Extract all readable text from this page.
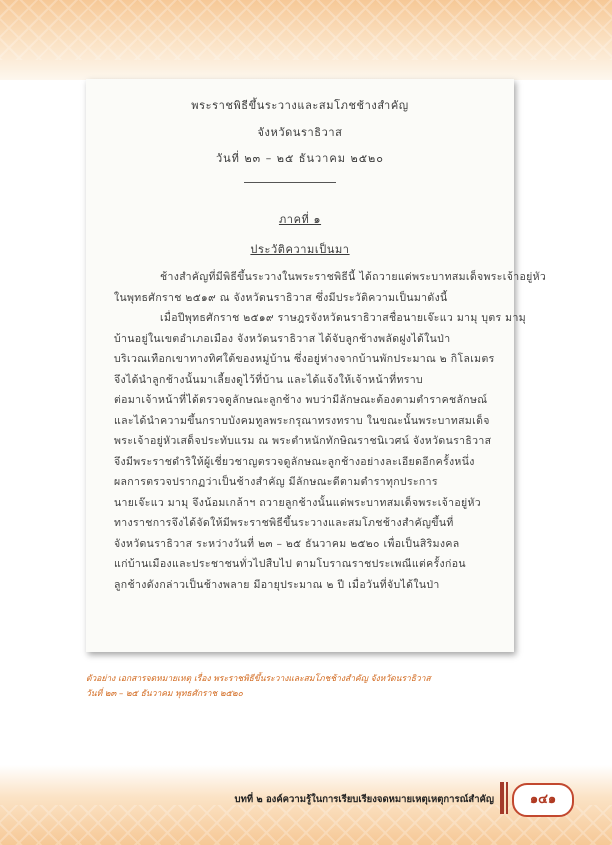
พระราชพิธีขึ้นระวางและสมโภชช้างสำคัญ
จังหวัดนราธิวาส
วันที่ ๒๓ – ๒๕ ธันวาคม ๒๕๒๐
ภาคที่ ๑
ประวัติความเป็นมา
ช้างสำคัญที่มีพิธีขึ้นระวางในพระราชพิธีนี้ ได้ถวายแด่พระบาทสมเด็จพระเจ้าอยู่หัว
ในพุทธศักราช ๒๕๑๙ ณ จังหวัดนราธิวาส ซึ่งมีประวัติความเป็นมาดังนี้
เมื่อปีพุทธศักราช ๒๕๑๙ ราษฎรจังหวัดนราธิวาสชื่อนายเจ๊ะแว มามุ บุตร มามุ
บ้านอยู่ในเขตอำเภอเมือง จังหวัดนราธิวาส ได้จับลูกช้างพลัดฝูงได้ในป่า
บริเวณเทือกเขาทางทิศใต้ของหมู่บ้าน ซึ่งอยู่ห่างจากบ้านพักประมาณ ๒ กิโลเมตร
จึงได้นำลูกช้างนั้นมาเลี้ยงดูไว้ที่บ้าน และได้แจ้งให้เจ้าหน้าที่ทราบ
ต่อมาเจ้าหน้าที่ได้ตรวจดูลักษณะลูกช้าง พบว่ามีลักษณะต้องตามตำราคชลักษณ์
และได้นำความขึ้นกราบบังคมทูลพระกรุณาทรงทราบ ในขณะนั้นพระบาทสมเด็จ
พระเจ้าอยู่หัวเสด็จประทับแรม ณ พระตำหนักทักษิณราชนิเวศน์ จังหวัดนราธิวาส
จึงมีพระราชดำริให้ผู้เชี่ยวชาญตรวจดูลักษณะลูกช้างอย่างละเอียดอีกครั้งหนึ่ง
ผลการตรวจปรากฏว่าเป็นช้างสำคัญ มีลักษณะดีตามตำราทุกประการ
นายเจ๊ะแว มามุ จึงน้อมเกล้าฯ ถวายลูกช้างนั้นแด่พระบาทสมเด็จพระเจ้าอยู่หัว
ทางราชการจึงได้จัดให้มีพระราชพิธีขึ้นระวางและสมโภชช้างสำคัญขึ้นที่
จังหวัดนราธิวาส ระหว่างวันที่ ๒๓ – ๒๕ ธันวาคม ๒๕๒๐ เพื่อเป็นสิริมงคล
แก่บ้านเมืองและประชาชนทั่วไปสืบไป ตามโบราณราชประเพณีแต่ครั้งก่อน
ลูกช้างดังกล่าวเป็นช้างพลาย มีอายุประมาณ ๒ ปี เมื่อวันที่จับได้ในป่า
ตัวอย่าง เอกสารจดหมายเหตุ เรื่อง พระราชพิธีขึ้นระวางและสมโภชช้างสำคัญ จังหวัดนราธิวาส
วันที่ ๒๓ – ๒๕ ธันวาคม พุทธศักราช ๒๕๒๐
บทที่ ๒ องค์ความรู้ในการเรียบเรียงจดหมายเหตุเหตุการณ์สำคัญ	๑๔๑
